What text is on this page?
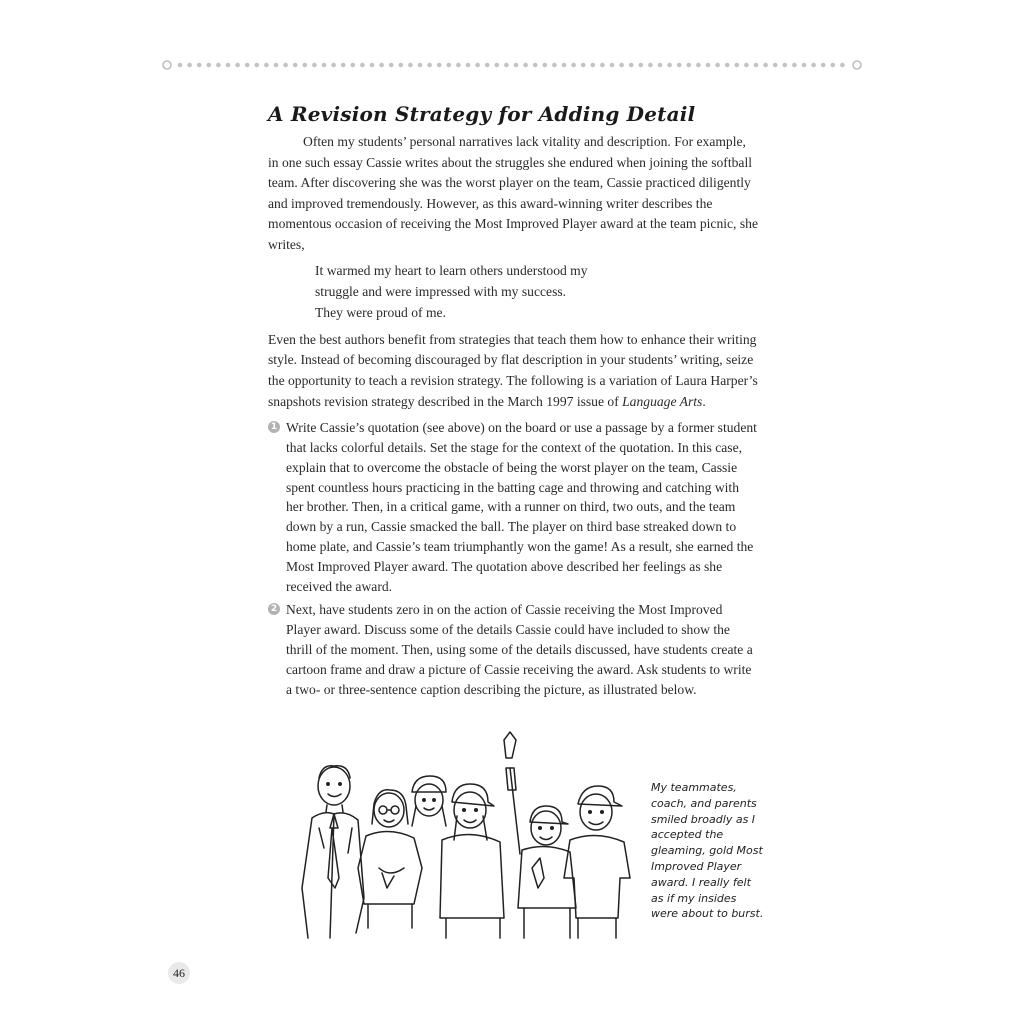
A Revision Strategy for Adding Detail

Often my students’ personal narratives lack vitality and description. For example, in one such essay Cassie writes about the struggles she endured when joining the softball team. After discovering she was the worst player on the team, Cassie practiced diligently and improved tremendously. However, as this award-winning writer describes the momentous occasion of receiving the Most Improved Player award at the team picnic, she writes,

It warmed my heart to learn others understood my
struggle and were impressed with my success.
They were proud of me.

Even the best authors benefit from strategies that teach them how to enhance their writing style. Instead of becoming discouraged by flat description in your students’ writing, seize the opportunity to teach a revision strategy. The following is a variation of Laura Harper’s snapshots revision strategy described in the March 1997 issue of Language Arts.

1 Write Cassie’s quotation (see above) on the board or use a passage by a former student that lacks colorful details. Set the stage for the context of the quotation. In this case, explain that to overcome the obstacle of being the worst player on the team, Cassie spent countless hours practicing in the batting cage and throwing and catching with her brother. Then, in a critical game, with a runner on third, two outs, and the team down by a run, Cassie smacked the ball. The player on third base streaked down to home plate, and Cassie’s team triumphantly won the game! As a result, she earned the Most Improved Player award. The quotation above described her feelings as she received the award.
2 Next, have students zero in on the action of Cassie receiving the Most Improved Player award. Discuss some of the details Cassie could have included to show the thrill of the moment. Then, using some of the details discussed, have students create a cartoon frame and draw a picture of Cassie receiving the award. Ask students to write a two- or three-sentence caption describing the picture, as illustrated below.
My teammates, coach, and parents smiled broadly as I accepted the gleaming, gold Most Improved Player award. I really felt as if my insides were about to burst.
46
